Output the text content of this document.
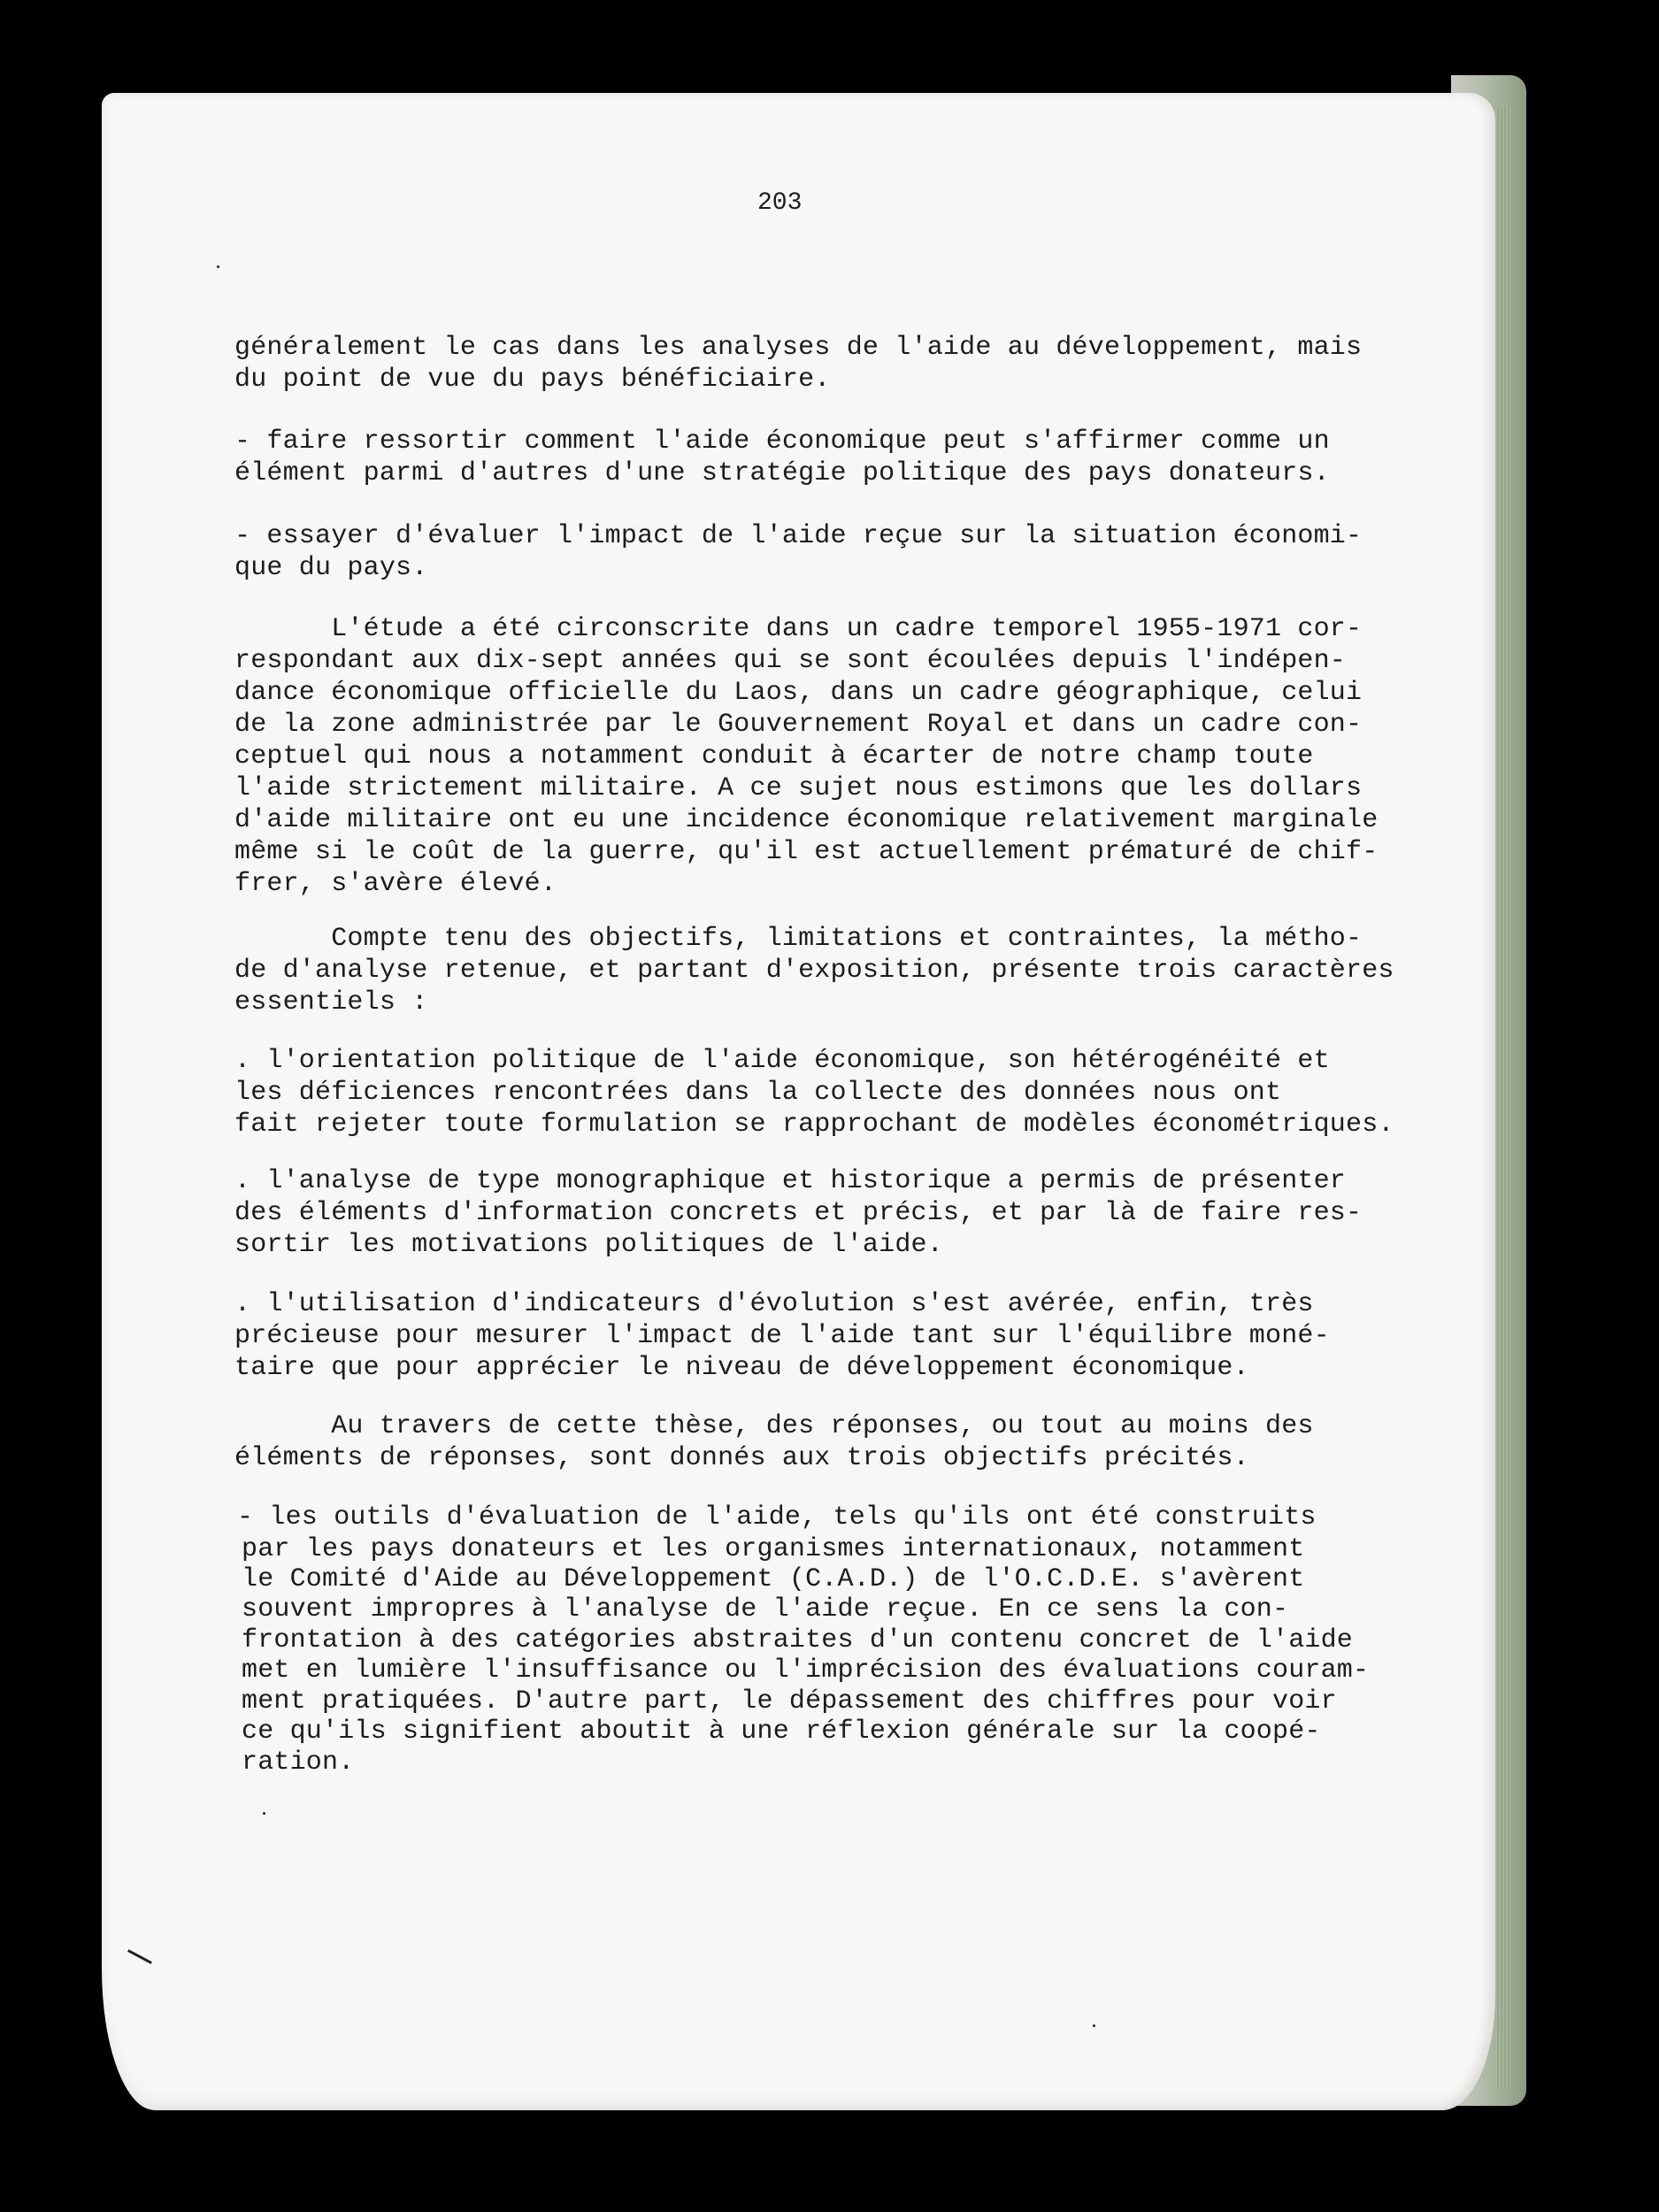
203

généralement le cas dans les analyses de l'aide au développement, mais

du point de vue du pays bénéficiaire.

- faire ressortir comment l'aide économique peut s'affirmer comme un

élément parmi d'autres d'une stratégie politique des pays donateurs.

- essayer d'évaluer l'impact de l'aide reçue sur la situation économi-

que du pays.

L'étude a été circonscrite dans un cadre temporel 1955-1971 cor-

respondant aux dix-sept années qui se sont écoulées depuis l'indépen-

dance économique officielle du Laos, dans un cadre géographique, celui

de la zone administrée par le Gouvernement Royal et dans un cadre con-

ceptuel qui nous a notamment conduit à écarter de notre champ toute

l'aide strictement militaire. A ce sujet nous estimons que les dollars

d'aide militaire ont eu une incidence économique relativement marginale

même si le coût de la guerre, qu'il est actuellement prématuré de chif-

frer, s'avère élevé.

Compte tenu des objectifs, limitations et contraintes, la métho-

de d'analyse retenue, et partant d'exposition, présente trois caractères

essentiels :

. l'orientation politique de l'aide économique, son hétérogénéité et

les déficiences rencontrées dans la collecte des données nous ont

fait rejeter toute formulation se rapprochant de modèles économétriques.

. l'analyse de type monographique et historique a permis de présenter

des éléments d'information concrets et précis, et par là de faire res-

sortir les motivations politiques de l'aide.

. l'utilisation d'indicateurs d'évolution s'est avérée, enfin, très

précieuse pour mesurer l'impact de l'aide tant sur l'équilibre moné-

taire que pour apprécier le niveau de développement économique.

Au travers de cette thèse, des réponses, ou tout au moins des

éléments de réponses, sont donnés aux trois objectifs précités.

- les outils d'évaluation de l'aide, tels qu'ils ont été construits

par les pays donateurs et les organismes internationaux, notamment

le Comité d'Aide au Développement (C.A.D.) de l'O.C.D.E. s'avèrent

souvent impropres à l'analyse de l'aide reçue. En ce sens la con-

frontation à des catégories abstraites d'un contenu concret de l'aide

met en lumière l'insuffisance ou l'imprécision des évaluations couram-

ment pratiquées. D'autre part, le dépassement des chiffres pour voir

ce qu'ils signifient aboutit à une réflexion générale sur la coopé-

ration.
